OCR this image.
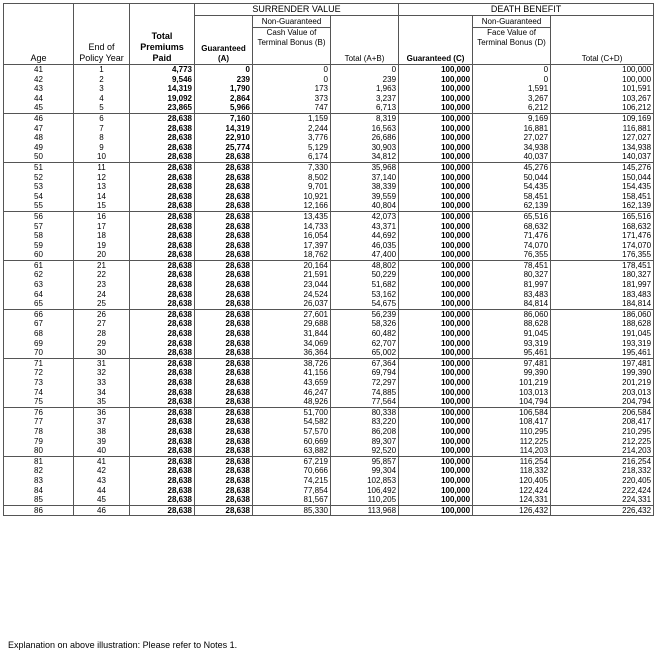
Age	End of Policy Year	Total Premiums Paid	SURRENDER VALUE			DEATH BENEFIT		
			Guaranteed (A)	Non-Guaranteed	Total (A+B)	Guaranteed (C)	Non-Guaranteed	Total (C+D)
				Cash Value of Terminal Bonus (B)			Face Value of Terminal Bonus (D)	
41	1	4,773	0	0	0	100,000	0	100,000
42	2	9,546	239	0	239	100,000	0	100,000
43	3	14,319	1,790	173	1,963	100,000	1,591	101,591
44	4	19,092	2,864	373	3,237	100,000	3,267	103,267
45	5	23,865	5,966	747	6,713	100,000	6,212	106,212
46	6	28,638	7,160	1,159	8,319	100,000	9,169	109,169
47	7	28,638	14,319	2,244	16,563	100,000	16,881	116,881
48	8	28,638	22,910	3,776	26,686	100,000	27,027	127,027
49	9	28,638	25,774	5,129	30,903	100,000	34,938	134,938
50	10	28,638	28,638	6,174	34,812	100,000	40,037	140,037
51	11	28,638	28,638	7,330	35,968	100,000	45,276	145,276
52	12	28,638	28,638	8,502	37,140	100,000	50,044	150,044
53	13	28,638	28,638	9,701	38,339	100,000	54,435	154,435
54	14	28,638	28,638	10,921	39,559	100,000	58,451	158,451
55	15	28,638	28,638	12,166	40,804	100,000	62,139	162,139
56	16	28,638	28,638	13,435	42,073	100,000	65,516	165,516
57	17	28,638	28,638	14,733	43,371	100,000	68,632	168,632
58	18	28,638	28,638	16,054	44,692	100,000	71,476	171,476
59	19	28,638	28,638	17,397	46,035	100,000	74,070	174,070
60	20	28,638	28,638	18,762	47,400	100,000	76,355	176,355
61	21	28,638	28,638	20,164	48,802	100,000	78,451	178,451
62	22	28,638	28,638	21,591	50,229	100,000	80,327	180,327
63	23	28,638	28,638	23,044	51,682	100,000	81,997	181,997
64	24	28,638	28,638	24,524	53,162	100,000	83,483	183,483
65	25	28,638	28,638	26,037	54,675	100,000	84,814	184,814
66	26	28,638	28,638	27,601	56,239	100,000	86,060	186,060
67	27	28,638	28,638	29,688	58,326	100,000	88,628	188,628
68	28	28,638	28,638	31,844	60,482	100,000	91,045	191,045
69	29	28,638	28,638	34,069	62,707	100,000	93,319	193,319
70	30	28,638	28,638	36,364	65,002	100,000	95,461	195,461
71	31	28,638	28,638	38,726	67,364	100,000	97,481	197,481
72	32	28,638	28,638	41,156	69,794	100,000	99,390	199,390
73	33	28,638	28,638	43,659	72,297	100,000	101,219	201,219
74	34	28,638	28,638	46,247	74,885	100,000	103,013	203,013
75	35	28,638	28,638	48,926	77,564	100,000	104,794	204,794
76	36	28,638	28,638	51,700	80,338	100,000	106,584	206,584
77	37	28,638	28,638	54,582	83,220	100,000	108,417	208,417
78	38	28,638	28,638	57,570	86,208	100,000	110,295	210,295
79	39	28,638	28,638	60,669	89,307	100,000	112,225	212,225
80	40	28,638	28,638	63,882	92,520	100,000	114,203	214,203
81	41	28,638	28,638	67,219	95,857	100,000	116,254	216,254
82	42	28,638	28,638	70,666	99,304	100,000	118,332	218,332
83	43	28,638	28,638	74,215	102,853	100,000	120,405	220,405
84	44	28,638	28,638	77,854	106,492	100,000	122,424	222,424
85	45	28,638	28,638	81,567	110,205	100,000	124,331	224,331
86	46	28,638	28,638	85,330	113,968	100,000	126,432	226,432
Explanation on above illustration: Please refer to Notes 1.
